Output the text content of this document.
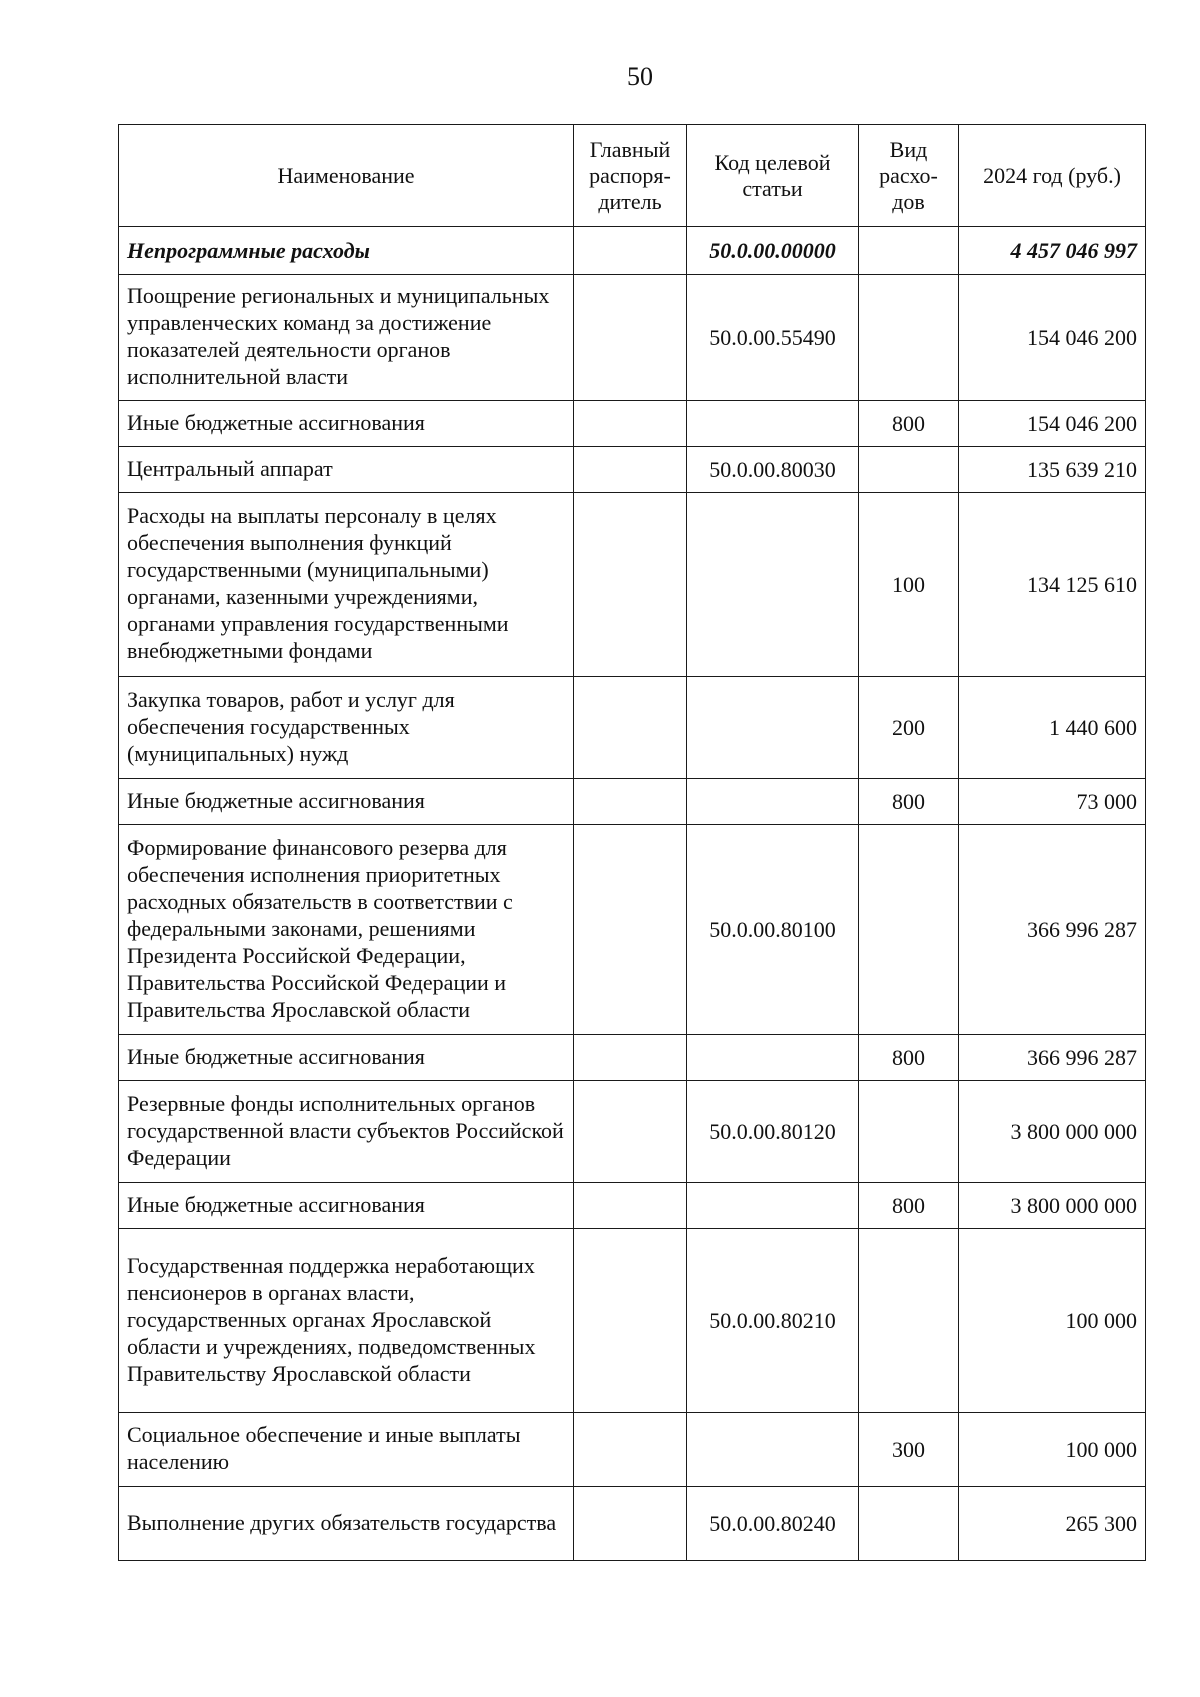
50
Наименование	Главный распоря-дитель	Код целевой статьи	Вид расхо-дов	2024 год (руб.)
Непрограммные расходы		50.0.00.00000		4 457 046 997
Поощрение региональных и муниципальных управленческих команд за достижение показателей деятельности органов исполнительной власти		50.0.00.55490		154 046 200
Иные бюджетные ассигнования			800	154 046 200
Центральный аппарат		50.0.00.80030		135 639 210
Расходы на выплаты персоналу в целях обеспечения выполнения функций государственными (муниципальными) органами, казенными учреждениями, органами управления государственными внебюджетными фондами			100	134 125 610
Закупка товаров, работ и услуг для обеспечения государственных (муниципальных) нужд			200	1 440 600
Иные бюджетные ассигнования			800	73 000
Формирование финансового резерва для обеспечения исполнения приоритетных расходных обязательств в соответствии с федеральными законами, решениями Президента Российской Федерации, Правительства Российской Федерации и Правительства Ярославской области		50.0.00.80100		366 996 287
Иные бюджетные ассигнования			800	366 996 287
Резервные фонды исполнительных органов государственной власти субъектов Российской Федерации		50.0.00.80120		3 800 000 000
Иные бюджетные ассигнования			800	3 800 000 000
Государственная поддержка неработающих пенсионеров в органах власти, государственных органах Ярославской области и учреждениях, подведомственных Правительству Ярославской области		50.0.00.80210		100 000
Социальное обеспечение и иные выплаты населению			300	100 000
Выполнение других обязательств государства		50.0.00.80240		265 300
